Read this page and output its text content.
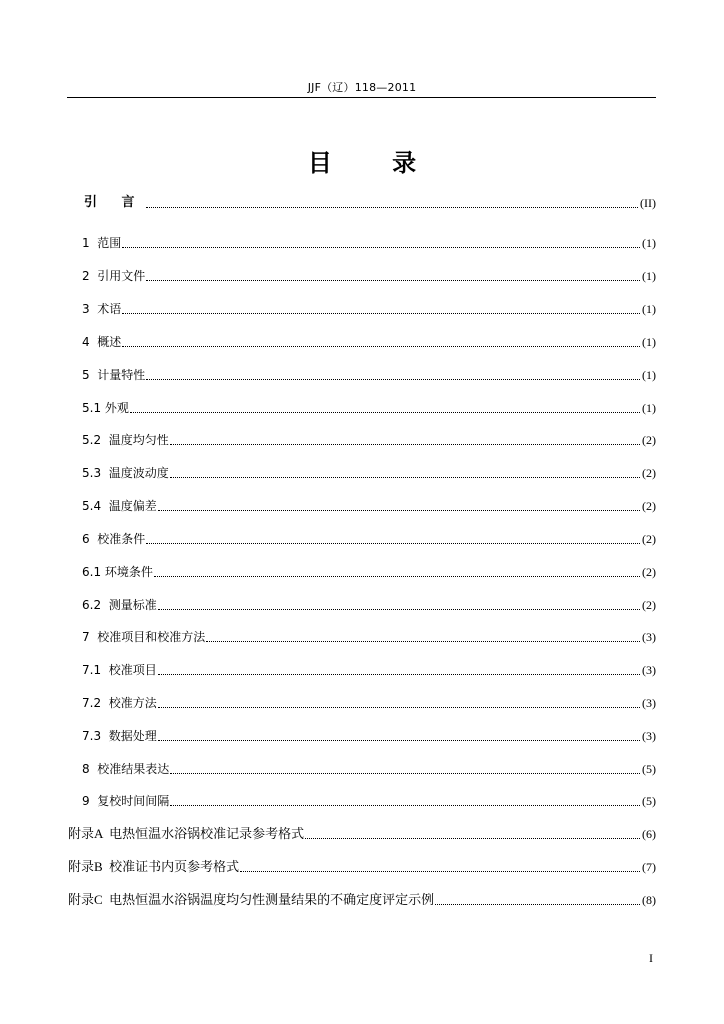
JJF（辽）118—2011
目 录
引 言	(II)
1  范围	(1)
2  引用文件	(1)
3  术语	(1)
4  概述	(1)
5  计量特性	(1)
5.1 外观	(1)
5.2  温度均匀性	(2)
5.3  温度波动度	(2)
5.4  温度偏差	(2)
6  校准条件	(2)
6.1 环境条件	(2)
6.2  测量标准	(2)
7  校准项目和校准方法	(3)
7.1  校准项目	(3)
7.2  校准方法	(3)
7.3  数据处理	(3)
8  校准结果表达	(5)
9  复校时间间隔	(5)
附录A  电热恒温水浴锅校准记录参考格式	(6)
附录B  校准证书内页参考格式	(7)
附录C  电热恒温水浴锅温度均匀性测量结果的不确定度评定示例	(8)
I
